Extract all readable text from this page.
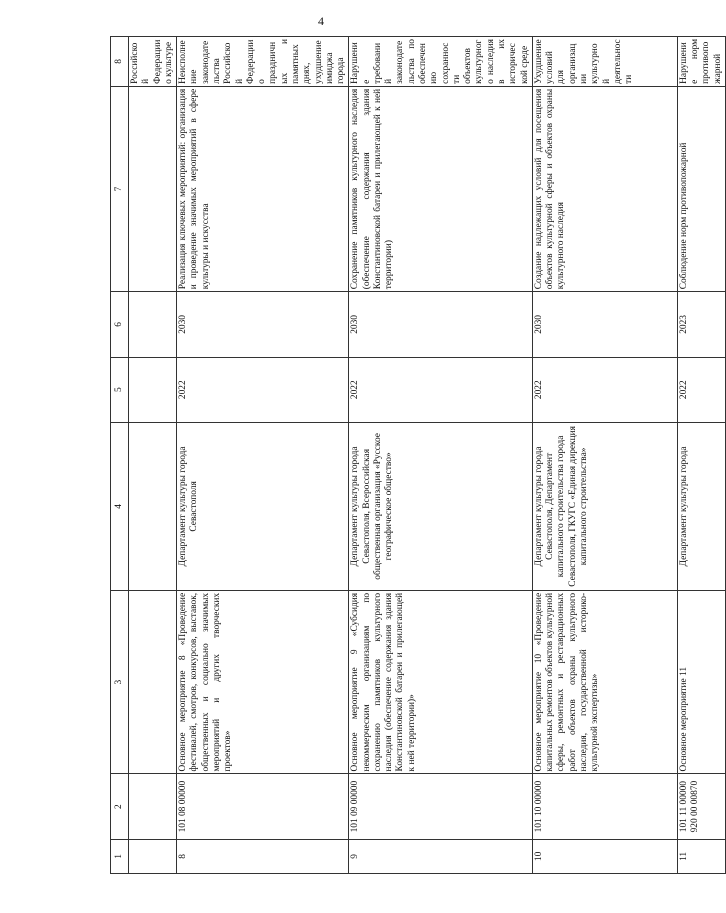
4
1	2	3	4	5	6	7	8
							Российской Федерации о культуре
8	101 08 00000	Основное мероприятие 8 «Проведение фестивалей, смотров, конкурсов, выставок, общественных и социально значимых мероприятий и других творческих проектов»	Департамент культуры города Севастополя	2022	2030	Реализация ключевых мероприятий: организация и проведение значимых мероприятий в сфере культуры и искусства	Неисполнение законодательства Российской Федерации о праздничных и памятных днях, ухудшение имиджа города
9	101 09 00000	Основное мероприятие 9 «Субсидия некоммерческим организациям по сохранению памятников культурного наследия (обеспечение содержания здания Константиновской батареи и прилегающей к ней территории)»	Департамент культуры города Севастополя, Всероссийская общественная организация «Русское географическое общество»	2022	2030	Сохранение памятников культурного наследия (обеспечение содержания здания Константиновской батареи и прилегающей к ней территории)	Нарушение требований законодательства по обеспечению сохранности объектов культурного наследия в их исторической среде
10	101 10 00000	Основное мероприятие 10 «Проведение капитальных ремонтов объектов культурной сферы, ремонтных и реставрационных работ объектов охраны культурного наследия, государственной историко-культурной экспертизы»	Департамент культуры города Севастополя, Департамент капитального строительства города Севастополя, ГКУГС «Единая дирекция капитального строительства»	2022	2030	Создание надлежащих условий для посещения объектов культурной сферы и объектов охраны культурного наследия	Ухудшение условий для организации культурной деятельности
11	101 11 00000 920 00 00870	Основное мероприятие 11	Департамент культуры города	2022	2023	Соблюдение норм противопожарной	Нарушение норм противопожарной
